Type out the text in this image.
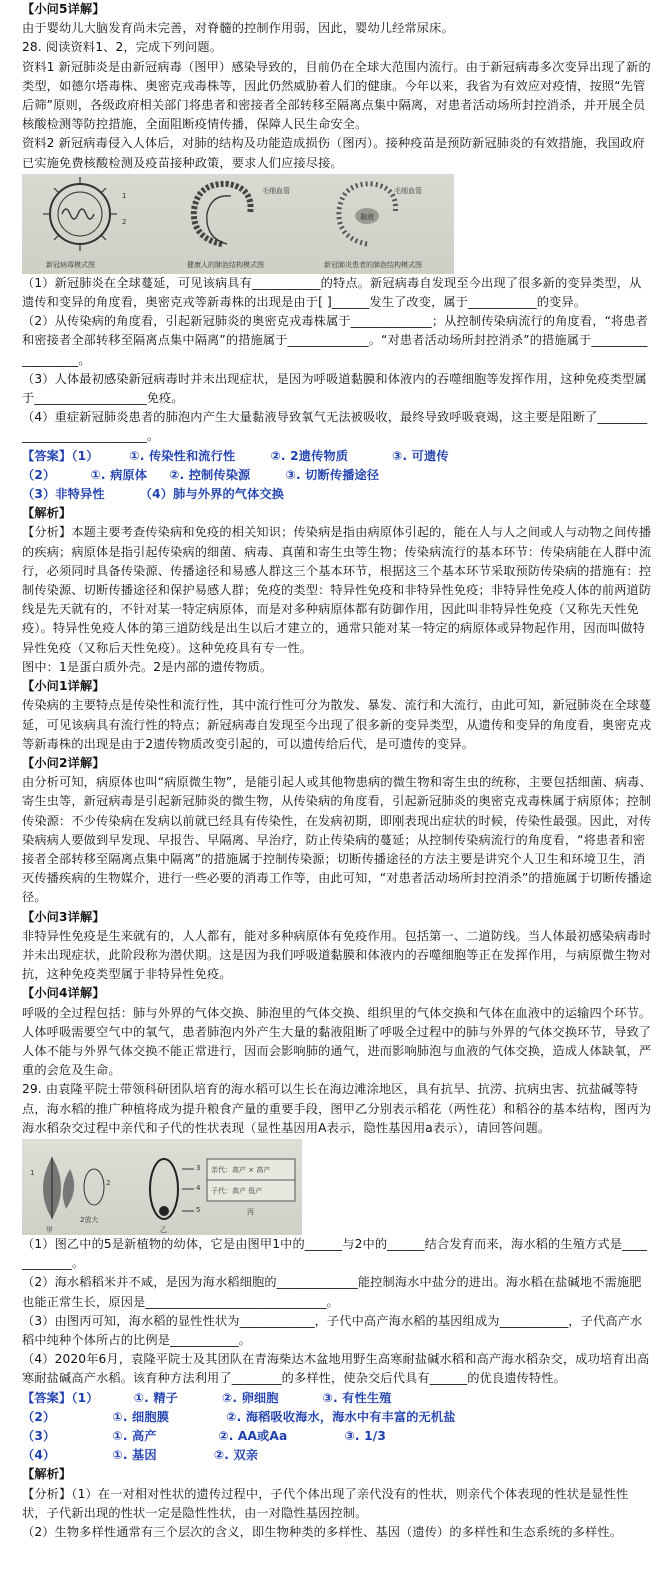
【小问5详解】

由于婴幼儿大脑发育尚未完善，对脊髓的控制作用弱，因此，婴幼儿经常尿床。

28. 阅读资料1、2，完成下列问题。

资料1 新冠肺炎是由新冠病毒（图甲）感染导致的，目前仍在全球大范围内流行。由于新冠病毒多次变异出现了新的类型，如德尔塔毒株、奥密克戎毒株等，因此仍然威胁着人们的健康。今年以来，我省为有效应对疫情，按照“先管后筛”原则，各级政府相关部门将患者和密接者全部转移至隔离点集中隔离，对患者活动场所封控消杀，并开展全员核酸检测等防控措施，全面阻断疫情传播，保障人民生命安全。

资料2 新冠病毒侵入人体后，对肺的结构及功能造成损伤（图丙）。接种疫苗是预防新冠肺炎的有效措施，我国政府已实施免费核酸检测及疫苗接种政策，要求人们应接尽接。

新冠病毒模式图	健康人的肺泡结构模式图	新冠肺炎患者的肺泡结构模式图
1
2
毛细血管	毛细血管
黏液

（1）新冠肺炎在全球蔓延，可见该病具有___________的特点。新冠病毒自发现至今出现了很多新的变异类型，从遗传和变异的角度看，奥密克戎等新毒株的出现是由于[ ]______发生了改变，属于___________的变异。

（2）从传染病的角度看，引起新冠肺炎的奥密克戎毒株属于_____________；从控制传染病流行的角度看，“将患者和密接者全部转移至隔离点集中隔离”的措施属于_____________。“对患者活动场所封控消杀”的措施属于__________________。

（3）人体最初感染新冠病毒时并未出现症状，是因为呼吸道黏膜和体液内的吞噬细胞等发挥作用，这种免疫类型属于__________________免疫。

（4）重症新冠肺炎患者的肺泡内产生大量黏液导致氧气无法被吸收，最终导致呼吸衰竭，这主要是阻断了____________________________。

【答案】（1）       ①. 传染性和流行性        ②. 2遗传物质          ③. 可遗传

（2）        ①. 病原体     ②. 控制传染源        ③. 切断传播途径

（3）非特异性        （4）肺与外界的气体交换

【解析】

【分析】本题主要考查传染病和免疫的相关知识；传染病是指由病原体引起的，能在人与人之间或人与动物之间传播的疾病；病原体是指引起传染病的细菌、病毒、真菌和寄生虫等生物；传染病流行的基本环节：传染病能在人群中流行，必须同时具备传染源、传播途径和易感人群这三个基本环节，根据这三个基本环节采取预防传染病的措施有：控制传染源、切断传播途径和保护易感人群；免疫的类型：特异性免疫和非特异性免疫；非特异性免疫人体的前两道防线是先天就有的，不针对某一特定病原体，而是对多种病原体都有防御作用，因此叫非特异性免疫（又称先天性免疫）。特异性免疫人体的第三道防线是出生以后才建立的，通常只能对某一特定的病原体或异物起作用，因而叫做特异性免疫（又称后天性免疫）。这种免疫具有专一性。

图中：1是蛋白质外壳。2是内部的遗传物质。

【小问1详解】

传染病的主要特点是传染性和流行性，其中流行性可分为散发、暴发、流行和大流行，由此可知，新冠肺炎在全球蔓延，可见该病具有流行性的特点；新冠病毒自发现至今出现了很多新的变异类型，从遗传和变异的角度看，奥密克戎等新毒株的出现是由于2遗传物质改变引起的，可以遗传给后代，是可遗传的变异。

【小问2详解】

由分析可知，病原体也叫“病原微生物”，是能引起人或其他物患病的微生物和寄生虫的统称，主要包括细菌、病毒、寄生虫等，新冠病毒是引起新冠肺炎的微生物，从传染病的角度看，引起新冠肺炎的奥密克戎毒株属于病原体；控制传染源：不少传染病在发病以前就已经具有传染性，在发病初期，即刚表现出症状的时候，传染性最强。因此，对传染病病人要做到早发现、早报告、早隔离、早治疗，防止传染病的蔓延；从控制传染病流行的角度看，“将患者和密接者全部转移至隔离点集中隔离”的措施属于控制传染源；切断传播途径的方法主要是讲究个人卫生和环境卫生，消灭传播疾病的生物媒介，进行一些必要的消毒工作等，由此可知，“对患者活动场所封控消杀”的措施属于切断传播途径。

【小问3详解】

非特异性免疫是生来就有的，人人都有，能对多种病原体有免疫作用。包括第一、二道防线。当人体最初感染病毒时并未出现症状，此阶段称为潜伏期。这是因为我们呼吸道黏膜和体液内的吞噬细胞等正在发挥作用，与病原微生物对抗，这种免疫类型属于非特异性免疫。

【小问4详解】

呼吸的全过程包括：肺与外界的气体交换、肺泡里的气体交换、组织里的气体交换和气体在血液中的运输四个环节。人体呼吸需要空气中的氧气，患者肺泡内外产生大量的黏液阻断了呼吸全过程中的肺与外界的气体交换环节，导致了人体不能与外界气体交换不能正常进行，因而会影响肺的通气，进而影响肺泡与血液的气体交换，造成人体缺氧，严重的会危及生命。

29. 由袁隆平院士带领科研团队培育的海水稻可以生长在海边滩涂地区，具有抗旱、抗涝、抗病虫害、抗盐碱等特点，海水稻的推广种植将成为提升粮食产量的重要手段，图甲乙分别表示稻花（两性花）和稻谷的基本结构，图丙为海水稻杂交过程中亲代和子代的性状表现（显性基因用A表示，隐性基因用a表示），请回答问题。

2放大
甲	乙
丙
亲代：高产 × 高产
子代：高产 低产
1
2
3
4
5

（1）图乙中的5是新植物的幼体，它是由图甲1中的______与2中的______结合发育而来，海水稻的生殖方式是____________。

（2）海水稻稻米并不咸，是因为海水稻细胞的_____________能控制海水中盐分的进出。海水稻在盐碱地不需施肥也能正常生长，原因是_____________________________。

（3）由图丙可知，海水稻的显性性状为____________，子代中高产海水稻的基因组成为___________，子代高产水稻中纯种个体所占的比例是___________。

（4）2020年6月，袁隆平院士及其团队在青海柴达木盆地用野生高寒耐盐碱水稻和高产海水稻杂交，成功培育出高寒耐盐碱高产水稻。该育种方法利用了________的多样性，使杂交后代具有______的优良遗传特性。

【答案】（1）        ①. 精子          ②. 卵细胞          ③. 有性生殖

（2）             ①. 细胞膜             ②. 海稻吸收海水，海水中有丰富的无机盐

（3）             ①. 高产              ②. AA或Aa             ③. 1/3

（4）             ①. 基因             ②. 双亲

【解析】

【分析】（1）在一对相对性状的遗传过程中，子代个体出现了亲代没有的性状，则亲代个体表现的性状是显性性状，子代新出现的性状一定是隐性性状，由一对隐性基因控制。

（2）生物多样性通常有三个层次的含义，即生物种类的多样性、基因（遗传）的多样性和生态系统的多样性。
